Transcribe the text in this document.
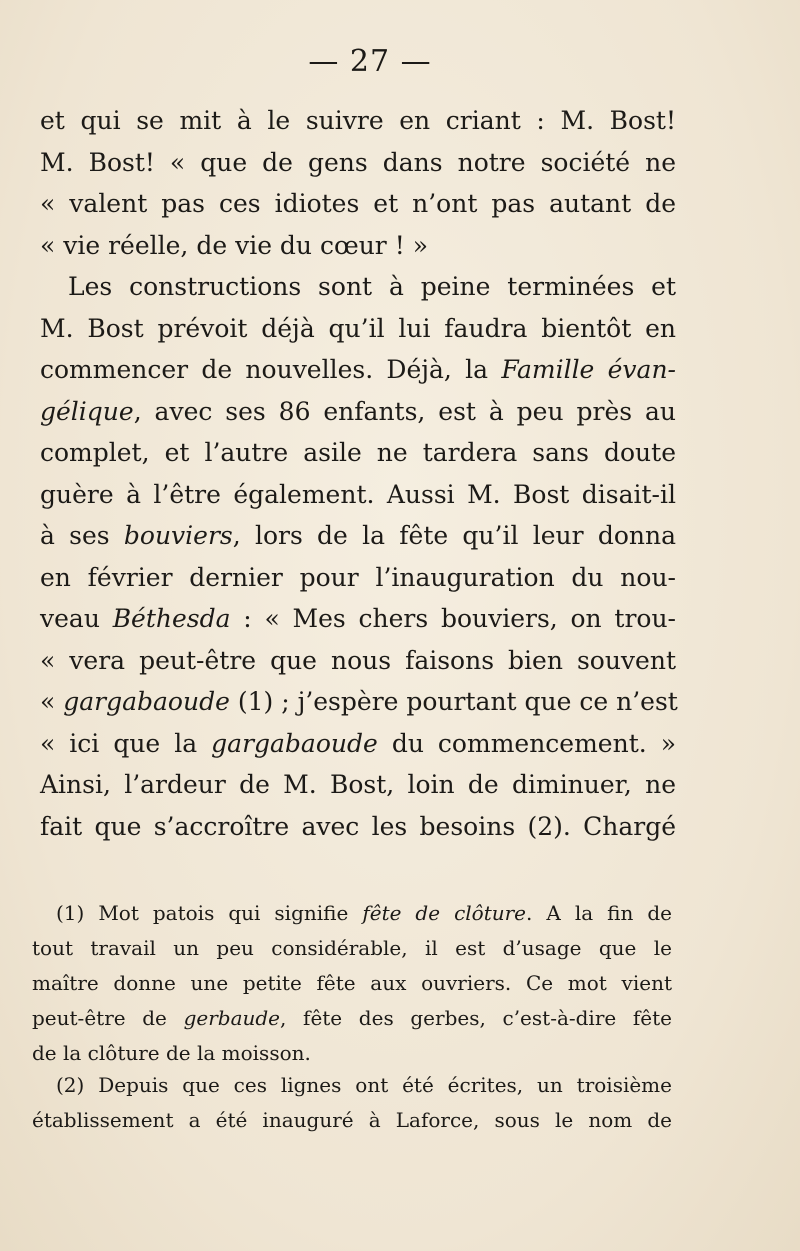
— 27 —
et qui se mit à le suivre en criant : M. Bost!
M. Bost! « que de gens dans notre société ne
« valent pas ces idiotes et n’ont pas autant de
« vie réelle, de vie du cœur ! »
Les constructions sont à peine terminées et
M. Bost prévoit déjà qu’il lui faudra bientôt en
commencer de nouvelles. Déjà, la Famille évan-
gélique, avec ses 86 enfants, est à peu près au
complet, et l’autre asile ne tardera sans doute
guère à l’être également. Aussi M. Bost disait-il
à ses bouviers, lors de la fête qu’il leur donna
en février dernier pour l’inauguration du nou-
veau Béthesda : « Mes chers bouviers, on trou-
« vera peut-être que nous faisons bien souvent
« gargabaoude (1) ; j’espère pourtant que ce n’est
« ici que la gargabaoude du commencement. »
Ainsi, l’ardeur de M. Bost, loin de diminuer, ne
fait que s’accroître avec les besoins (2). Chargé
(1) Mot patois qui signifie fête de clôture. A la fin de
tout travail un peu considérable, il est d’usage que le
maître donne une petite fête aux ouvriers. Ce mot vient
peut-être de gerbaude, fête des gerbes, c’est-à-dire fête
de la clôture de la moisson.
(2) Depuis que ces lignes ont été écrites, un troisième
établissement a été inauguré à Laforce, sous le nom de
